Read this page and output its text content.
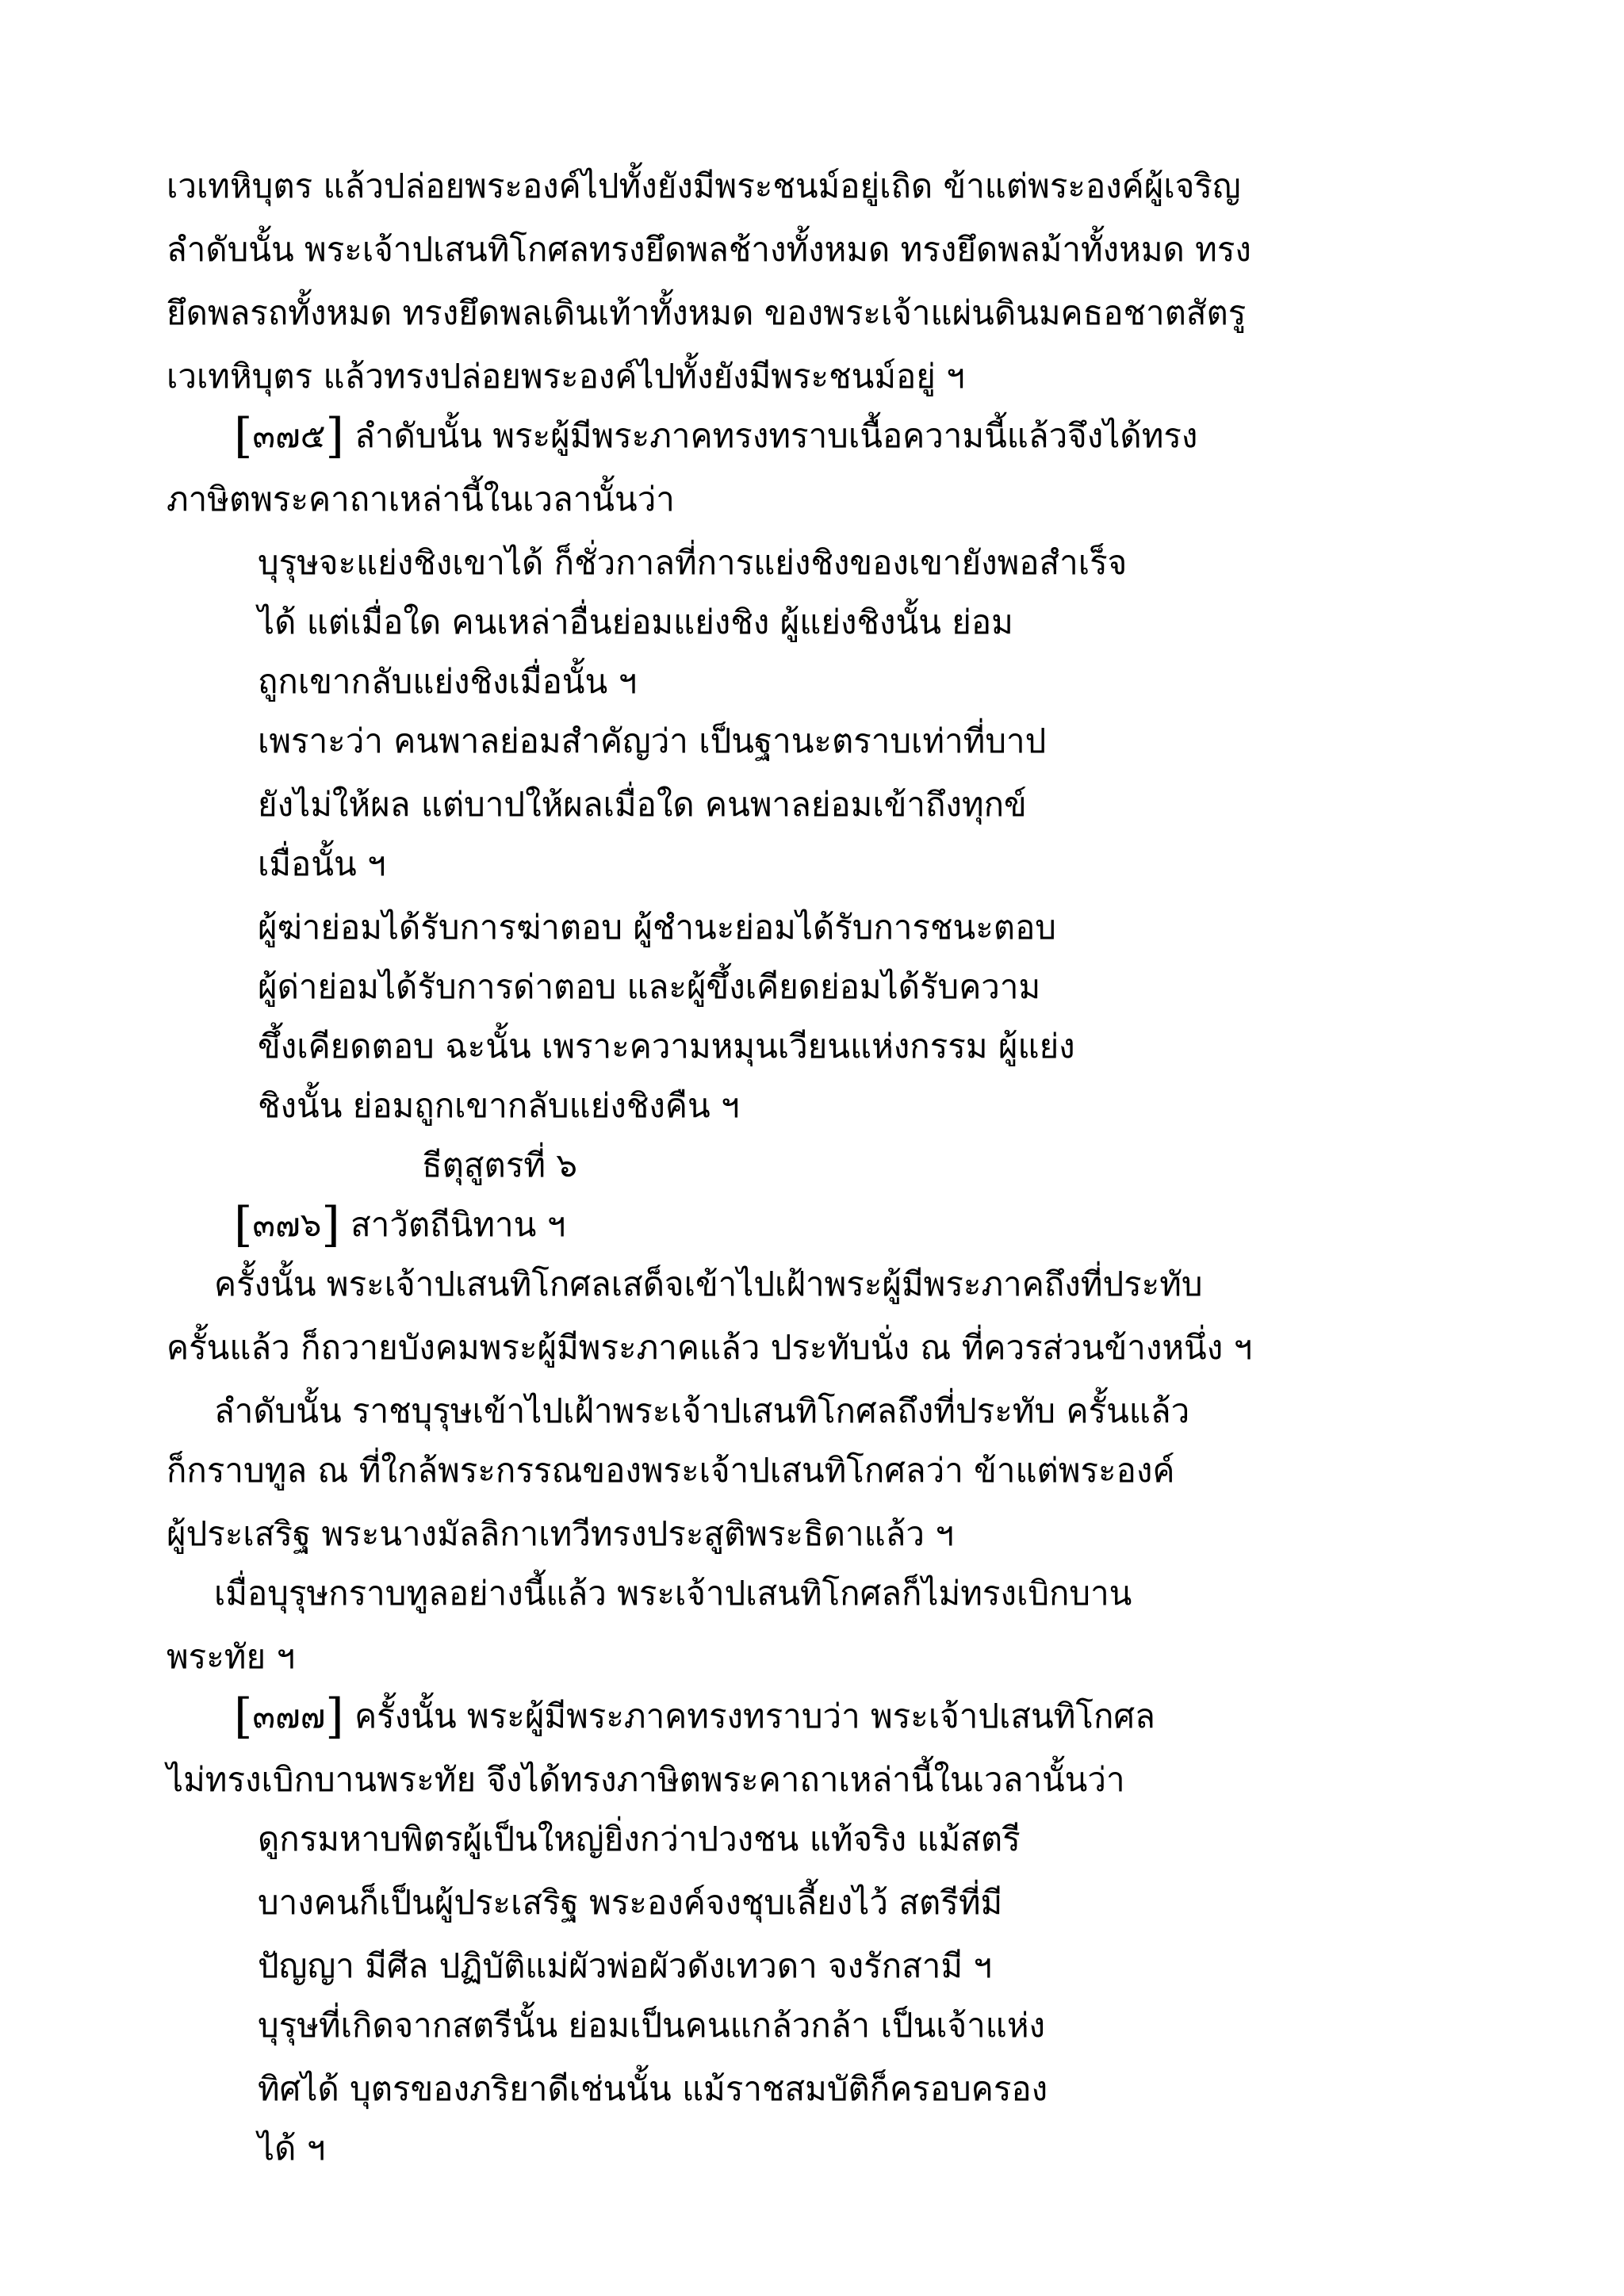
เวเทหิบุตร แล้วปล่อยพระองค์ไปทั้งยังมีพระชนม์อยู่เถิด ข้าแต่พระองค์ผู้เจริญ
ลำดับนั้น พระเจ้าปเสนทิโกศลทรงยึดพลช้างทั้งหมด ทรงยึดพลม้าทั้งหมด ทรง
ยึดพลรถทั้งหมด ทรงยึดพลเดินเท้าทั้งหมด ของพระเจ้าแผ่นดินมคธอชาตสัตรู
เวเทหิบุตร แล้วทรงปล่อยพระองค์ไปทั้งยังมีพระชนม์อยู่ ฯ
[๓๗๕] ลำดับนั้น พระผู้มีพระภาคทรงทราบเนื้อความนี้แล้วจึงได้ทรง
ภาษิตพระคาถาเหล่านี้ในเวลานั้นว่า
บุรุษจะแย่งชิงเขาได้ ก็ชั่วกาลที่การแย่งชิงของเขายังพอสำเร็จ
ได้ แต่เมื่อใด คนเหล่าอื่นย่อมแย่งชิง ผู้แย่งชิงนั้น ย่อม
ถูกเขากลับแย่งชิงเมื่อนั้น ฯ
เพราะว่า คนพาลย่อมสำคัญว่า เป็นฐานะตราบเท่าที่บาป
ยังไม่ให้ผล แต่บาปให้ผลเมื่อใด คนพาลย่อมเข้าถึงทุกข์
เมื่อนั้น ฯ
ผู้ฆ่าย่อมได้รับการฆ่าตอบ ผู้ชำนะย่อมได้รับการชนะตอบ
ผู้ด่าย่อมได้รับการด่าตอบ และผู้ขึ้งเคียดย่อมได้รับความ
ขึ้งเคียดตอบ ฉะนั้น เพราะความหมุนเวียนแห่งกรรม ผู้แย่ง
ชิงนั้น ย่อมถูกเขากลับแย่งชิงคืน ฯ
ธีตุสูตรที่ ๖
[๓๗๖] สาวัตถีนิทาน ฯ
ครั้งนั้น พระเจ้าปเสนทิโกศลเสด็จเข้าไปเฝ้าพระผู้มีพระภาคถึงที่ประทับ
ครั้นแล้ว ก็ถวายบังคมพระผู้มีพระภาคแล้ว ประทับนั่ง ณ ที่ควรส่วนข้างหนึ่ง ฯ
ลำดับนั้น ราชบุรุษเข้าไปเฝ้าพระเจ้าปเสนทิโกศลถึงที่ประทับ ครั้นแล้ว
ก็กราบทูล ณ ที่ใกล้พระกรรณของพระเจ้าปเสนทิโกศลว่า ข้าแต่พระองค์
ผู้ประเสริฐ พระนางมัลลิกาเทวีทรงประสูติพระธิดาแล้ว ฯ
เมื่อบุรุษกราบทูลอย่างนี้แล้ว พระเจ้าปเสนทิโกศลก็ไม่ทรงเบิกบาน
พระทัย ฯ
[๓๗๗] ครั้งนั้น พระผู้มีพระภาคทรงทราบว่า พระเจ้าปเสนทิโกศล
ไม่ทรงเบิกบานพระทัย จึงได้ทรงภาษิตพระคาถาเหล่านี้ในเวลานั้นว่า
ดูกรมหาบพิตรผู้เป็นใหญ่ยิ่งกว่าปวงชน แท้จริง แม้สตรี
บางคนก็เป็นผู้ประเสริฐ พระองค์จงชุบเลี้ยงไว้ สตรีที่มี
ปัญญา มีศีล ปฏิบัติแม่ผัวพ่อผัวดังเทวดา จงรักสามี ฯ
บุรุษที่เกิดจากสตรีนั้น ย่อมเป็นคนแกล้วกล้า เป็นเจ้าแห่ง
ทิศได้ บุตรของภริยาดีเช่นนั้น แม้ราชสมบัติก็ครอบครอง
ได้ ฯ
